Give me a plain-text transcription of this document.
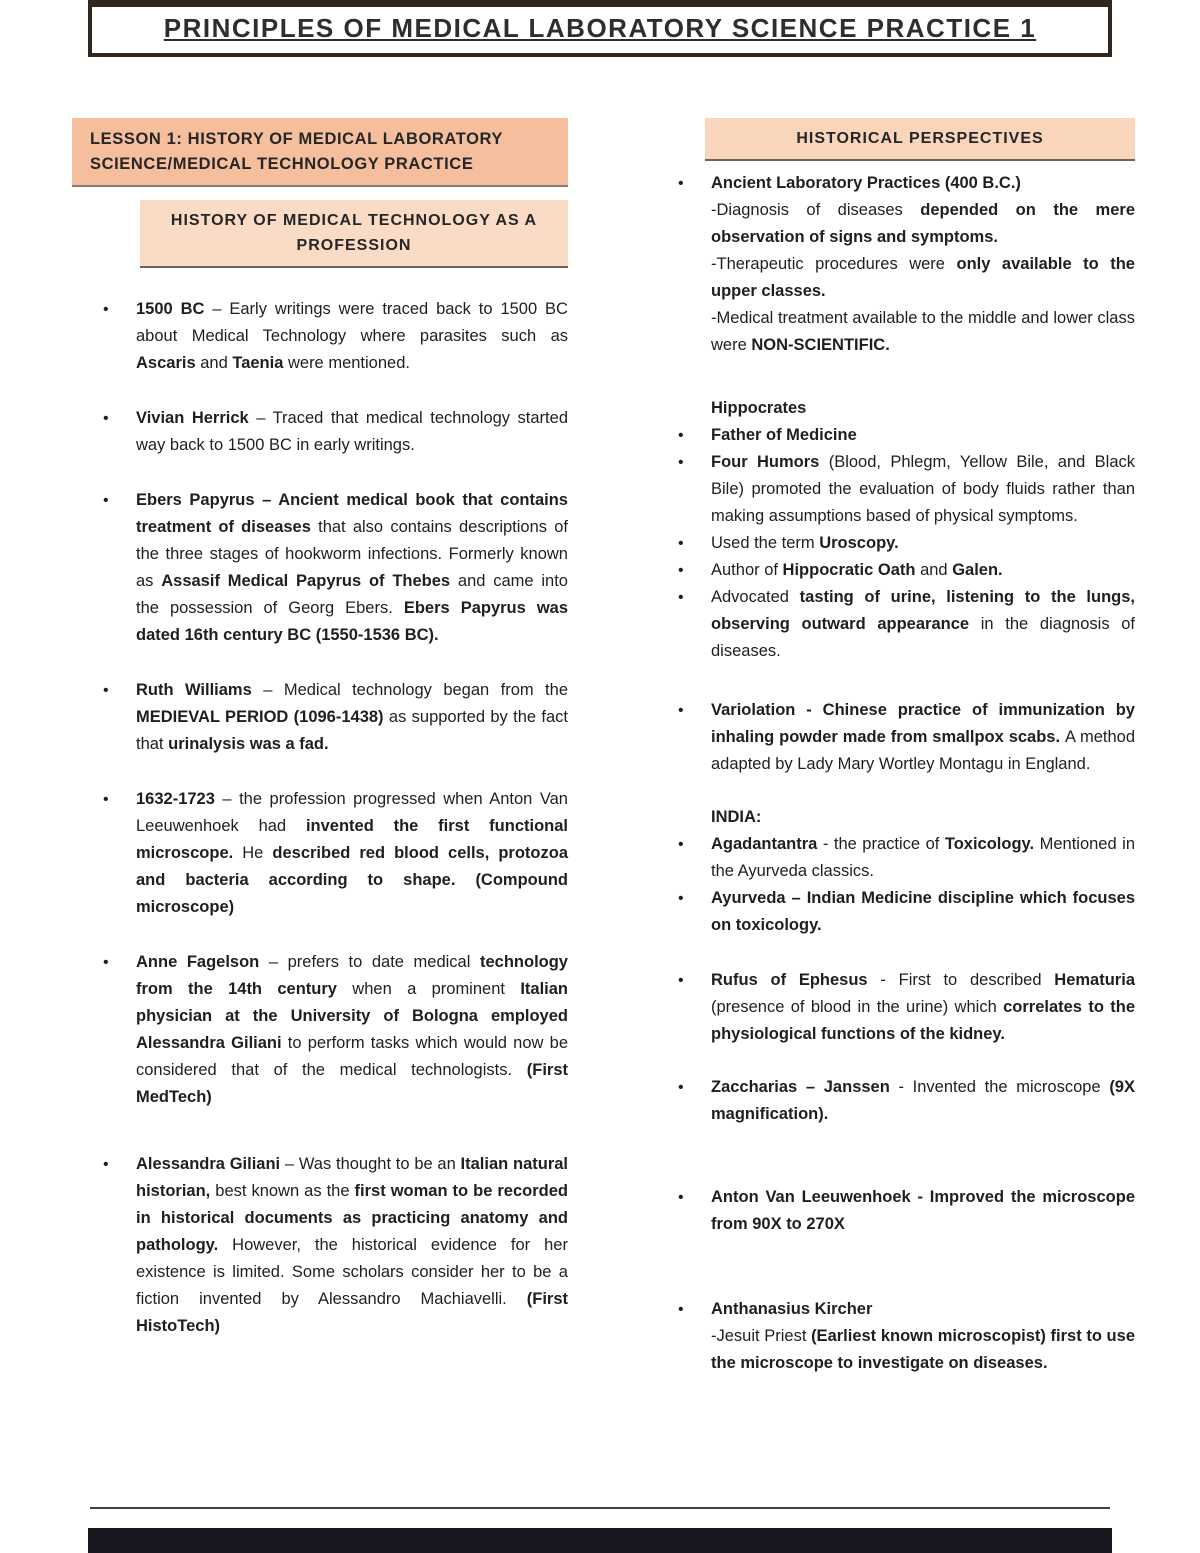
PRINCIPLES OF MEDICAL LABORATORY SCIENCE PRACTICE 1
LESSON 1: HISTORY OF MEDICAL LABORATORY
SCIENCE/MEDICAL TECHNOLOGY PRACTICE
HISTORY OF MEDICAL TECHNOLOGY AS A PROFESSION
• 1500 BC – Early writings were traced back to 1500 BC about Medical Technology where parasites such as Ascaris and Taenia were mentioned.
• Vivian Herrick – Traced that medical technology started way back to 1500 BC in early writings.
• Ebers Papyrus – Ancient medical book that contains treatment of diseases that also contains descriptions of the three stages of hookworm infections. Formerly known as Assasif Medical Papyrus of Thebes and came into the possession of Georg Ebers. Ebers Papyrus was dated 16th century BC (1550-1536 BC).
• Ruth Williams – Medical technology began from the MEDIEVAL PERIOD (1096-1438) as supported by the fact that urinalysis was a fad.
• 1632-1723 – the profession progressed when Anton Van Leeuwenhoek had invented the first functional microscope. He described red blood cells, protozoa and bacteria according to shape. (Compound microscope)
• Anne Fagelson – prefers to date medical technology from the 14th century when a prominent Italian physician at the University of Bologna employed Alessandra Giliani to perform tasks which would now be considered that of the medical technologists. (First MedTech)
• Alessandra Giliani – Was thought to be an Italian natural historian, best known as the first woman to be recorded in historical documents as practicing anatomy and pathology. However, the historical evidence for her existence is limited. Some scholars consider her to be a fiction invented by Alessandro Machiavelli. (First HistoTech)
HISTORICAL PERSPECTIVES
• Ancient Laboratory Practices (400 B.C.)
-Diagnosis of diseases depended on the mere observation of signs and symptoms.
-Therapeutic procedures were only available to the upper classes.
-Medical treatment available to the middle and lower class were NON-SCIENTIFIC.
Hippocrates
• Father of Medicine
• Four Humors (Blood, Phlegm, Yellow Bile, and Black Bile) promoted the evaluation of body fluids rather than making assumptions based of physical symptoms.
• Used the term Uroscopy.
• Author of Hippocratic Oath and Galen.
• Advocated tasting of urine, listening to the lungs, observing outward appearance in the diagnosis of diseases.
• Variolation - Chinese practice of immunization by inhaling powder made from smallpox scabs. A method adapted by Lady Mary Wortley Montagu in England.
INDIA:
• Agadantantra - the practice of Toxicology. Mentioned in the Ayurveda classics.
• Ayurveda – Indian Medicine discipline which focuses on toxicology.
• Rufus of Ephesus - First to described Hematuria (presence of blood in the urine) which correlates to the physiological functions of the kidney.
• Zaccharias – Janssen - Invented the microscope (9X magnification).
• Anton Van Leeuwenhoek - Improved the microscope from 90X to 270X
• Anthanasius Kircher
-Jesuit Priest (Earliest known microscopist) first to use the microscope to investigate on diseases.
